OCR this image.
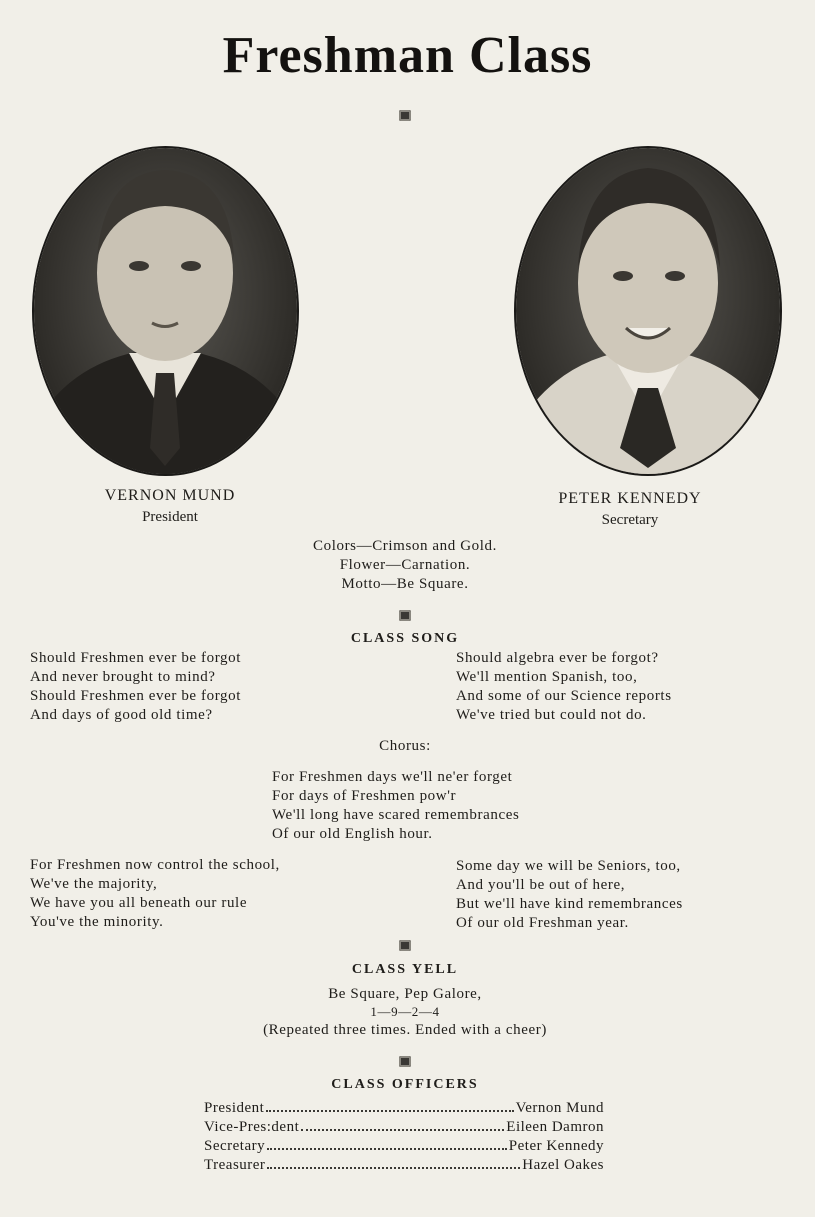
Freshman Class
VERNON MUND
President
PETER KENNEDY
Secretary
Colors—Crimson and Gold.
Flower—Carnation.
Motto—Be Square.
CLASS SONG
Should Freshmen ever be forgot
And never brought to mind?
Should Freshmen ever be forgot
And days of good old time?
Should algebra ever be forgot?
We'll mention Spanish, too,
And some of our Science reports
We've tried but could not do.
Chorus:
For Freshmen days we'll ne'er forget
For days of Freshmen pow'r
We'll long have scared remembrances
Of our old English hour.
For Freshmen now control the school,
We've the majority,
We have you all beneath our rule
You've the minority.
Some day we will be Seniors, too,
And you'll be out of here,
But we'll have kind remembrances
Of our old Freshman year.
CLASS YELL
Be Square, Pep Galore,
1—9—2—4
(Repeated three times. Ended with a cheer)
CLASS OFFICERS
President	Vernon Mund
Vice-Pres:dent	Eileen Damron
Secretary	Peter Kennedy
Treasurer	Hazel Oakes
